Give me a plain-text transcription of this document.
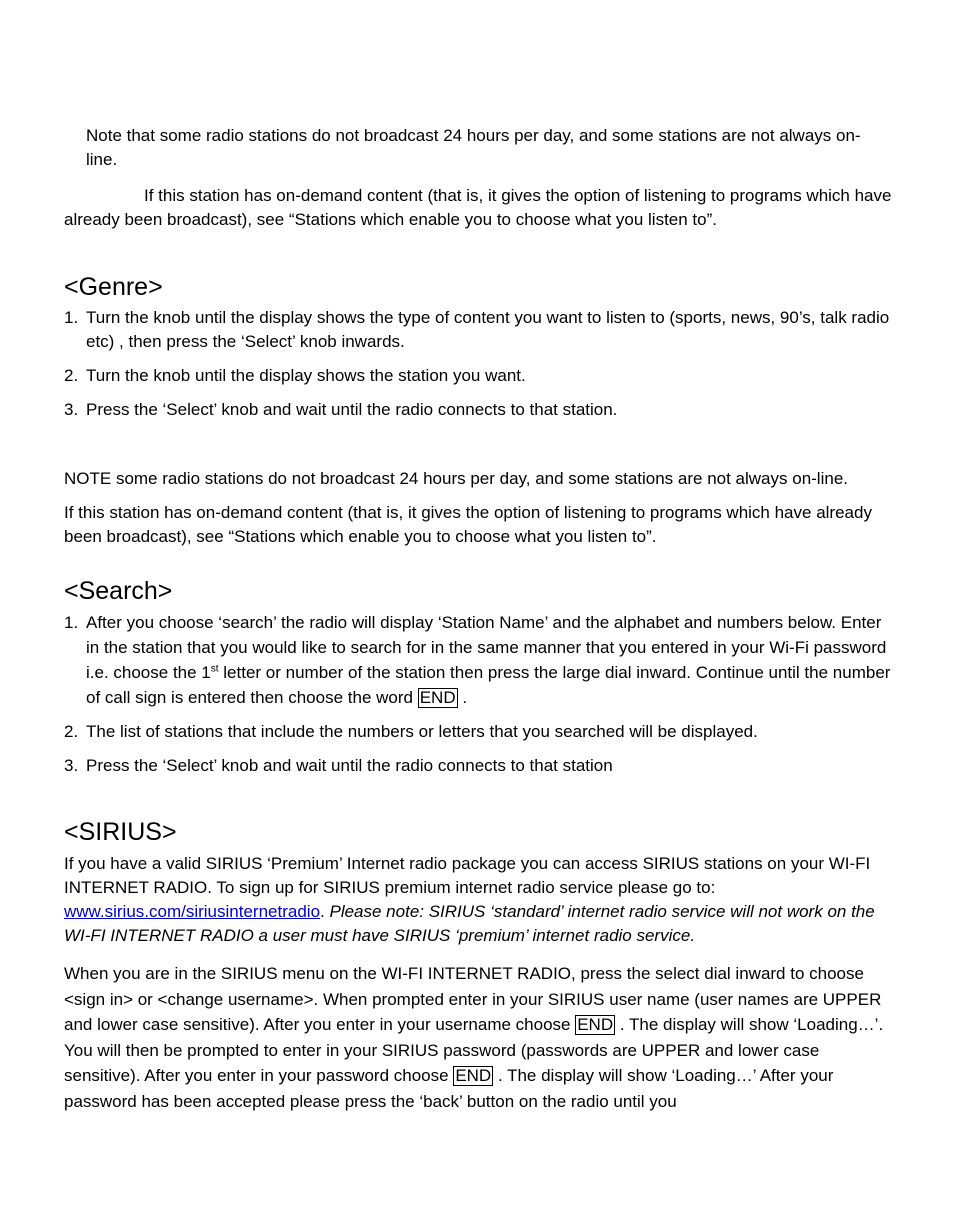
Note that some radio stations do not broadcast 24 hours per day, and some stations are not always on-line.

If this station has on-demand content (that is, it gives the option of listening to programs which have already been broadcast), see “Stations which enable you to choose what you listen to”.

<Genre>
1. Turn the knob until the display shows the type of content you want to listen to (sports, news, 90’s, talk radio etc) , then press the ‘Select’ knob inwards.
2. Turn the knob until the display shows the station you want.
3. Press the ‘Select’ knob and wait until the radio connects to that station.

NOTE some radio stations do not broadcast 24 hours per day, and some stations are not always on-line.

If this station has on-demand content (that is, it gives the option of listening to programs which have already been broadcast), see “Stations which enable you to choose what you listen to”.

<Search>
1. After you choose ‘search’ the radio will display ‘Station Name’ and the alphabet and numbers below. Enter in the station that you would like to search for in the same manner that you entered in your Wi-Fi password i.e. choose the 1st letter or number of the station then press the large dial inward. Continue until the number of call sign is entered then choose the word END .
2. The list of stations that include the numbers or letters that you searched will be displayed.
3. Press the ‘Select’ knob and wait until the radio connects to that station
<SIRIUS>

If you have a valid SIRIUS ‘Premium’ Internet radio package you can access SIRIUS stations on your WI-FI INTERNET RADIO. To sign up for SIRIUS premium internet radio service please go to: www.sirius.com/siriusinternetradio. Please note: SIRIUS ‘standard’ internet radio service will not work on the WI-FI INTERNET RADIO a user must have SIRIUS ‘premium’ internet radio service.

When you are in the SIRIUS menu on the WI-FI INTERNET RADIO, press the select dial inward to choose <sign in> or <change username>. When prompted enter in your SIRIUS user name (user names are UPPER and lower case sensitive). After you enter in your username choose END . The display will show ‘Loading…’. You will then be prompted to enter in your SIRIUS password (passwords are UPPER and lower case sensitive). After you enter in your password choose END . The display will show ‘Loading…’ After your password has been accepted please press the ‘back’ button on the radio until you
